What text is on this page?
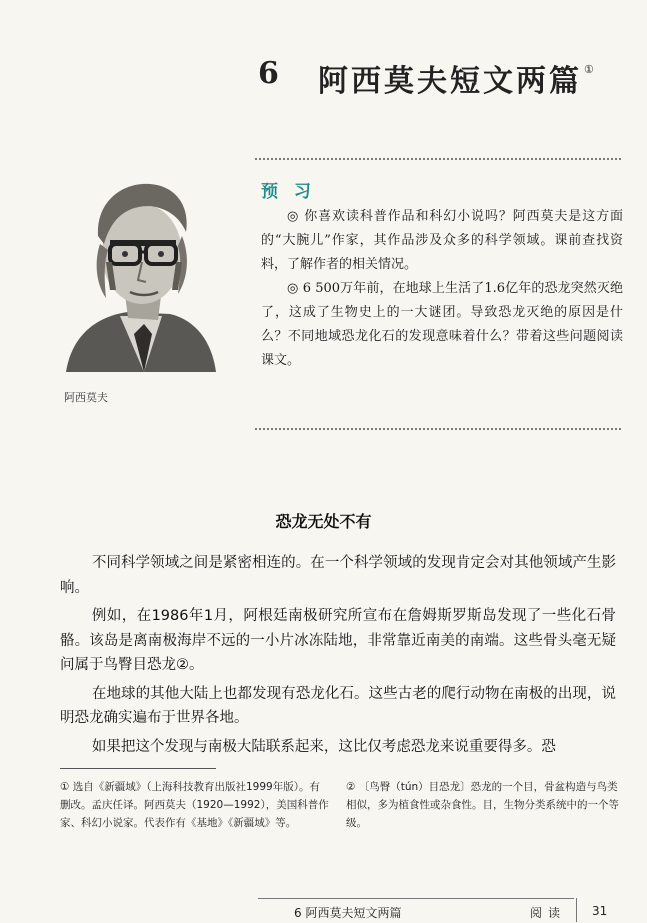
6 阿西莫夫短文两篇 ①
阿西莫夫
预 习

◎ 你喜欢读科普作品和科幻小说吗？阿西莫夫是这方面的“大腕儿”作家，其作品涉及众多的科学领域。课前查找资料，了解作者的相关情况。

◎ 6 500万年前，在地球上生活了1.6亿年的恐龙突然灭绝了，这成了生物史上的一大谜团。导致恐龙灭绝的原因是什么？不同地域恐龙化石的发现意味着什么？带着这些问题阅读课文。

恐龙无处不有

不同科学领域之间是紧密相连的。在一个科学领域的发现肯定会对其他领域产生影响。

例如，在1986年1月，阿根廷南极研究所宣布在詹姆斯罗斯岛发现了一些化石骨骼。该岛是离南极海岸不远的一小片冰冻陆地，非常靠近南美的南端。这些骨头毫无疑问属于鸟臀目恐龙②。

在地球的其他大陆上也都发现有恐龙化石。这些古老的爬行动物在南极的出现，说明恐龙确实遍布于世界各地。

如果把这个发现与南极大陆联系起来，这比仅考虑恐龙来说重要得多。恐

① 选自《新疆域》（上海科技教育出版社1999年版）。有删改。孟庆任译。阿西莫夫（1920—1992），美国科普作家、科幻小说家。代表作有《基地》《新疆域》等。

② 〔鸟臀（tún）目恐龙〕恐龙的一个目，骨盆构造与鸟类相似，多为植食性或杂食性。目，生物分类系统中的一个等级。

6 阿西莫夫短文两篇	阅读 31
